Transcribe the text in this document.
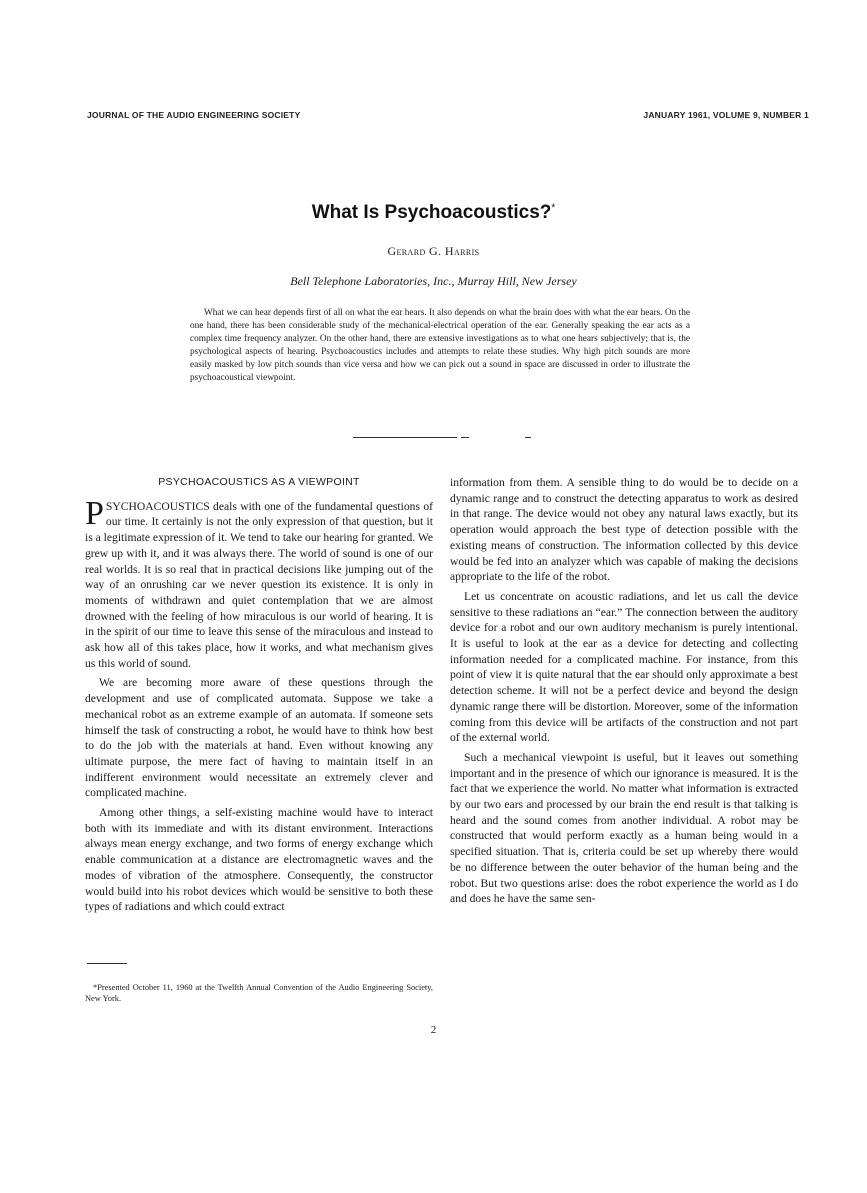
JOURNAL OF THE AUDIO ENGINEERING SOCIETY	JANUARY 1961, VOLUME 9, NUMBER 1
What Is Psychoacoustics?*
Gerard G. Harris
Bell Telephone Laboratories, Inc., Murray Hill, New Jersey

What we can hear depends first of all on what the ear hears. It also depends on what the brain does with what the ear hears. On the one hand, there has been considerable study of the mechanical-electrical operation of the ear. Generally speaking the ear acts as a complex time frequency analyzer. On the other hand, there are extensive investigations as to what one hears subjectively; that is, the psychological aspects of hearing. Psychoacoustics includes and attempts to relate these studies. Why high pitch sounds are more easily masked by low pitch sounds than vice versa and how we can pick out a sound in space are discussed in order to illustrate the psychoacoustical viewpoint.

PSYCHOACOUSTICS AS A VIEWPOINT

PSYCHOACOUSTICS deals with one of the fundamental questions of our time. It certainly is not the only expression of that question, but it is a legitimate expression of it. We tend to take our hearing for granted. We grew up with it, and it was always there. The world of sound is one of our real worlds. It is so real that in practical decisions like jumping out of the way of an onrushing car we never question its existence. It is only in moments of withdrawn and quiet contemplation that we are almost drowned with the feeling of how miraculous is our world of hearing. It is in the spirit of our time to leave this sense of the miraculous and instead to ask how all of this takes place, how it works, and what mechanism gives us this world of sound.

We are becoming more aware of these questions through the development and use of complicated automata. Suppose we take a mechanical robot as an extreme example of an automata. If someone sets himself the task of constructing a robot, he would have to think how best to do the job with the materials at hand. Even without knowing any ultimate purpose, the mere fact of having to maintain itself in an indifferent environment would necessitate an extremely clever and complicated machine.

Among other things, a self-existing machine would have to interact both with its immediate and with its distant environment. Interactions always mean energy exchange, and two forms of energy exchange which enable communication at a distance are electromagnetic waves and the modes of vibration of the atmosphere. Consequently, the constructor would build into his robot devices which would be sensitive to both these types of radiations and which could extract

information from them. A sensible thing to do would be to decide on a dynamic range and to construct the detecting apparatus to work as desired in that range. The device would not obey any natural laws exactly, but its operation would approach the best type of detection possible with the existing means of construction. The information collected by this device would be fed into an analyzer which was capable of making the decisions appropriate to the life of the robot.

Let us concentrate on acoustic radiations, and let us call the device sensitive to these radiations an “ear.” The connection between the auditory device for a robot and our own auditory mechanism is purely intentional. It is useful to look at the ear as a device for detecting and collecting information needed for a complicated machine. For instance, from this point of view it is quite natural that the ear should only approximate a best detection scheme. It will not be a perfect device and beyond the design dynamic range there will be distortion. Moreover, some of the information coming from this device will be artifacts of the construction and not part of the external world.

Such a mechanical viewpoint is useful, but it leaves out something important and in the presence of which our ignorance is measured. It is the fact that we experience the world. No matter what information is extracted by our two ears and processed by our brain the end result is that talking is heard and the sound comes from another individual. A robot may be constructed that would perform exactly as a human being would in a specified situation. That is, criteria could be set up whereby there would be no difference between the outer behavior of the human being and the robot. But two questions arise: does the robot experience the world as I do and does he have the same sen-

*Presented October 11, 1960 at the Twelfth Annual Convention of the Audio Engineering Society, New York.

2
